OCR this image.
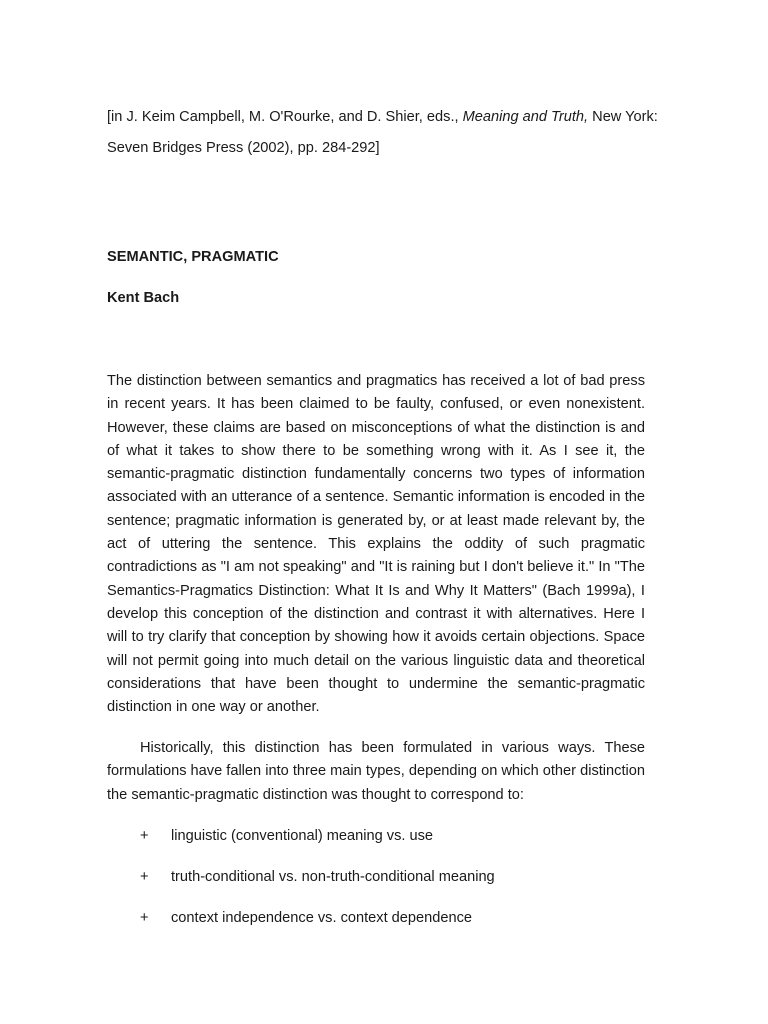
[in J. Keim Campbell, M. O'Rourke, and D. Shier, eds., Meaning and Truth, New York: Seven Bridges Press (2002), pp. 284-292]

SEMANTIC, PRAGMATIC
Kent Bach

The distinction between semantics and pragmatics has received a lot of bad press in recent years. It has been claimed to be faulty, confused, or even nonexistent. However, these claims are based on misconceptions of what the distinction is and of what it takes to show there to be something wrong with it. As I see it, the semantic-pragmatic distinction fundamentally concerns two types of information associated with an utterance of a sentence. Semantic information is encoded in the sentence; pragmatic information is generated by, or at least made relevant by, the act of uttering the sentence. This explains the oddity of such pragmatic contradictions as "I am not speaking" and "It is raining but I don't believe it." In "The Semantics-Pragmatics Distinction: What It Is and Why It Matters" (Bach 1999a), I develop this conception of the distinction and contrast it with alternatives. Here I will to try clarify that conception by showing how it avoids certain objections. Space will not permit going into much detail on the various linguistic data and theoretical considerations that have been thought to undermine the semantic-pragmatic distinction in one way or another.

Historically, this distinction has been formulated in various ways. These formulations have fallen into three main types, depending on which other distinction the semantic-pragmatic distinction was thought to correspond to:

+ linguistic (conventional) meaning vs. use
+ truth-conditional vs. non-truth-conditional meaning
+ context independence vs. context dependence
